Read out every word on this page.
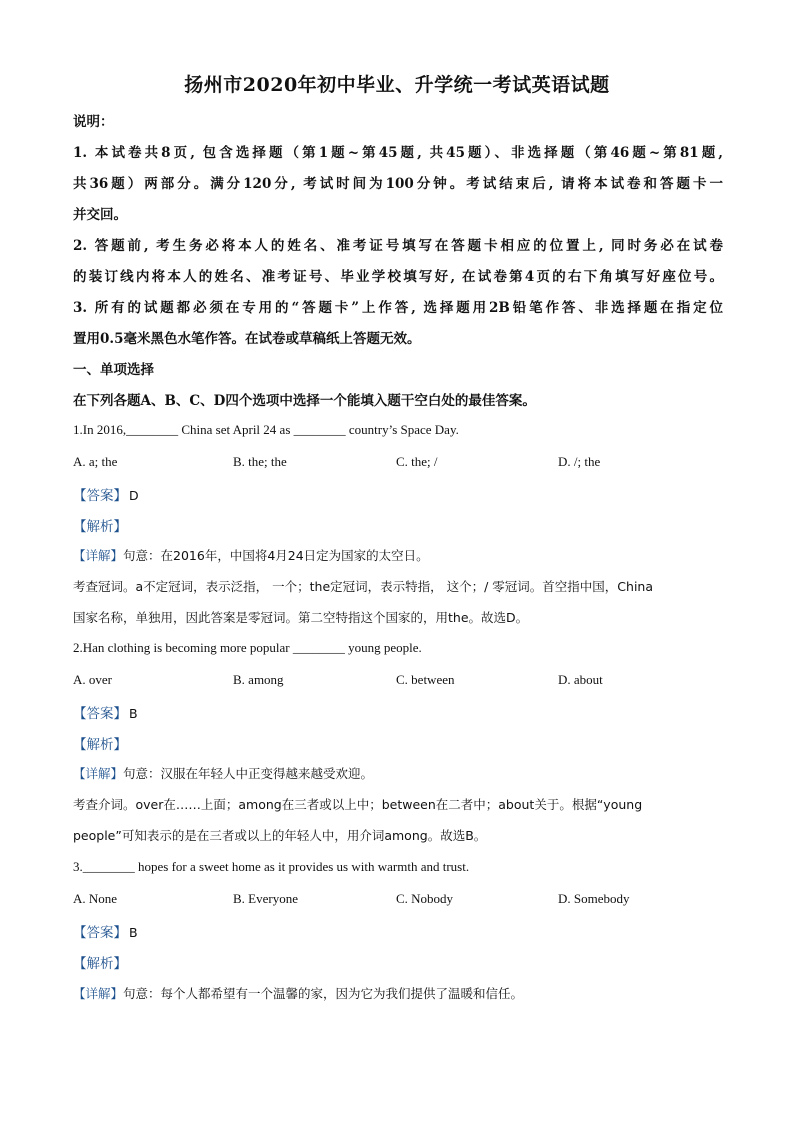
扬州市2020年初中毕业、升学统一考试英语试题
说明：
1. 本试卷共8页, 包含选择题（第1题~第45题, 共45题）、非选择题（第46题~第81题,
共36题）两部分。满分120分, 考试时间为100分钟。考试结束后, 请将本试卷和答题卡一
并交回。
2. 答题前, 考生务必将本人的姓名、准考证号填写在答题卡相应的位置上, 同时务必在试卷
的装订线内将本人的姓名、准考证号、毕业学校填写好, 在试卷第4页的右下角填写好座位号。
3. 所有的试题都必须在专用的“答题卡”上作答, 选择题用2B铅笔作答、非选择题在指定位
置用0.5毫米黑色水笔作答。在试卷或草稿纸上答题无效。
一、单项选择
在下列各题A、B、C、D四个选项中选择一个能填入题干空白处的最佳答案。
1.In 2016,________ China set April 24 as ________ country’s Space Day.
A. a; the	B. the; the	C. the; /	D. /; the
【答案】 D
【解析】
【详解】句意：在2016年，中国将4月24日定为国家的太空日。
考查冠词。a不定冠词，表示泛指， 一个；the定冠词，表示特指， 这个；/ 零冠词。首空指中国，China
国家名称，单独用，因此答案是零冠词。第二空特指这个国家的，用the。故选D。
2.Han clothing is becoming more popular ________ young people.
A. over	B. among	C. between	D. about
【答案】 B
【解析】
【详解】句意：汉服在年轻人中正变得越来越受欢迎。
考查介词。over在……上面；among在三者或以上中；between在二者中；about关于。根据“young
people”可知表示的是在三者或以上的年轻人中，用介词among。故选B。
3.________ hopes for a sweet home as it provides us with warmth and trust.
A. None	B. Everyone	C. Nobody	D. Somebody
【答案】 B
【解析】
【详解】句意：每个人都希望有一个温馨的家，因为它为我们提供了温暖和信任。
